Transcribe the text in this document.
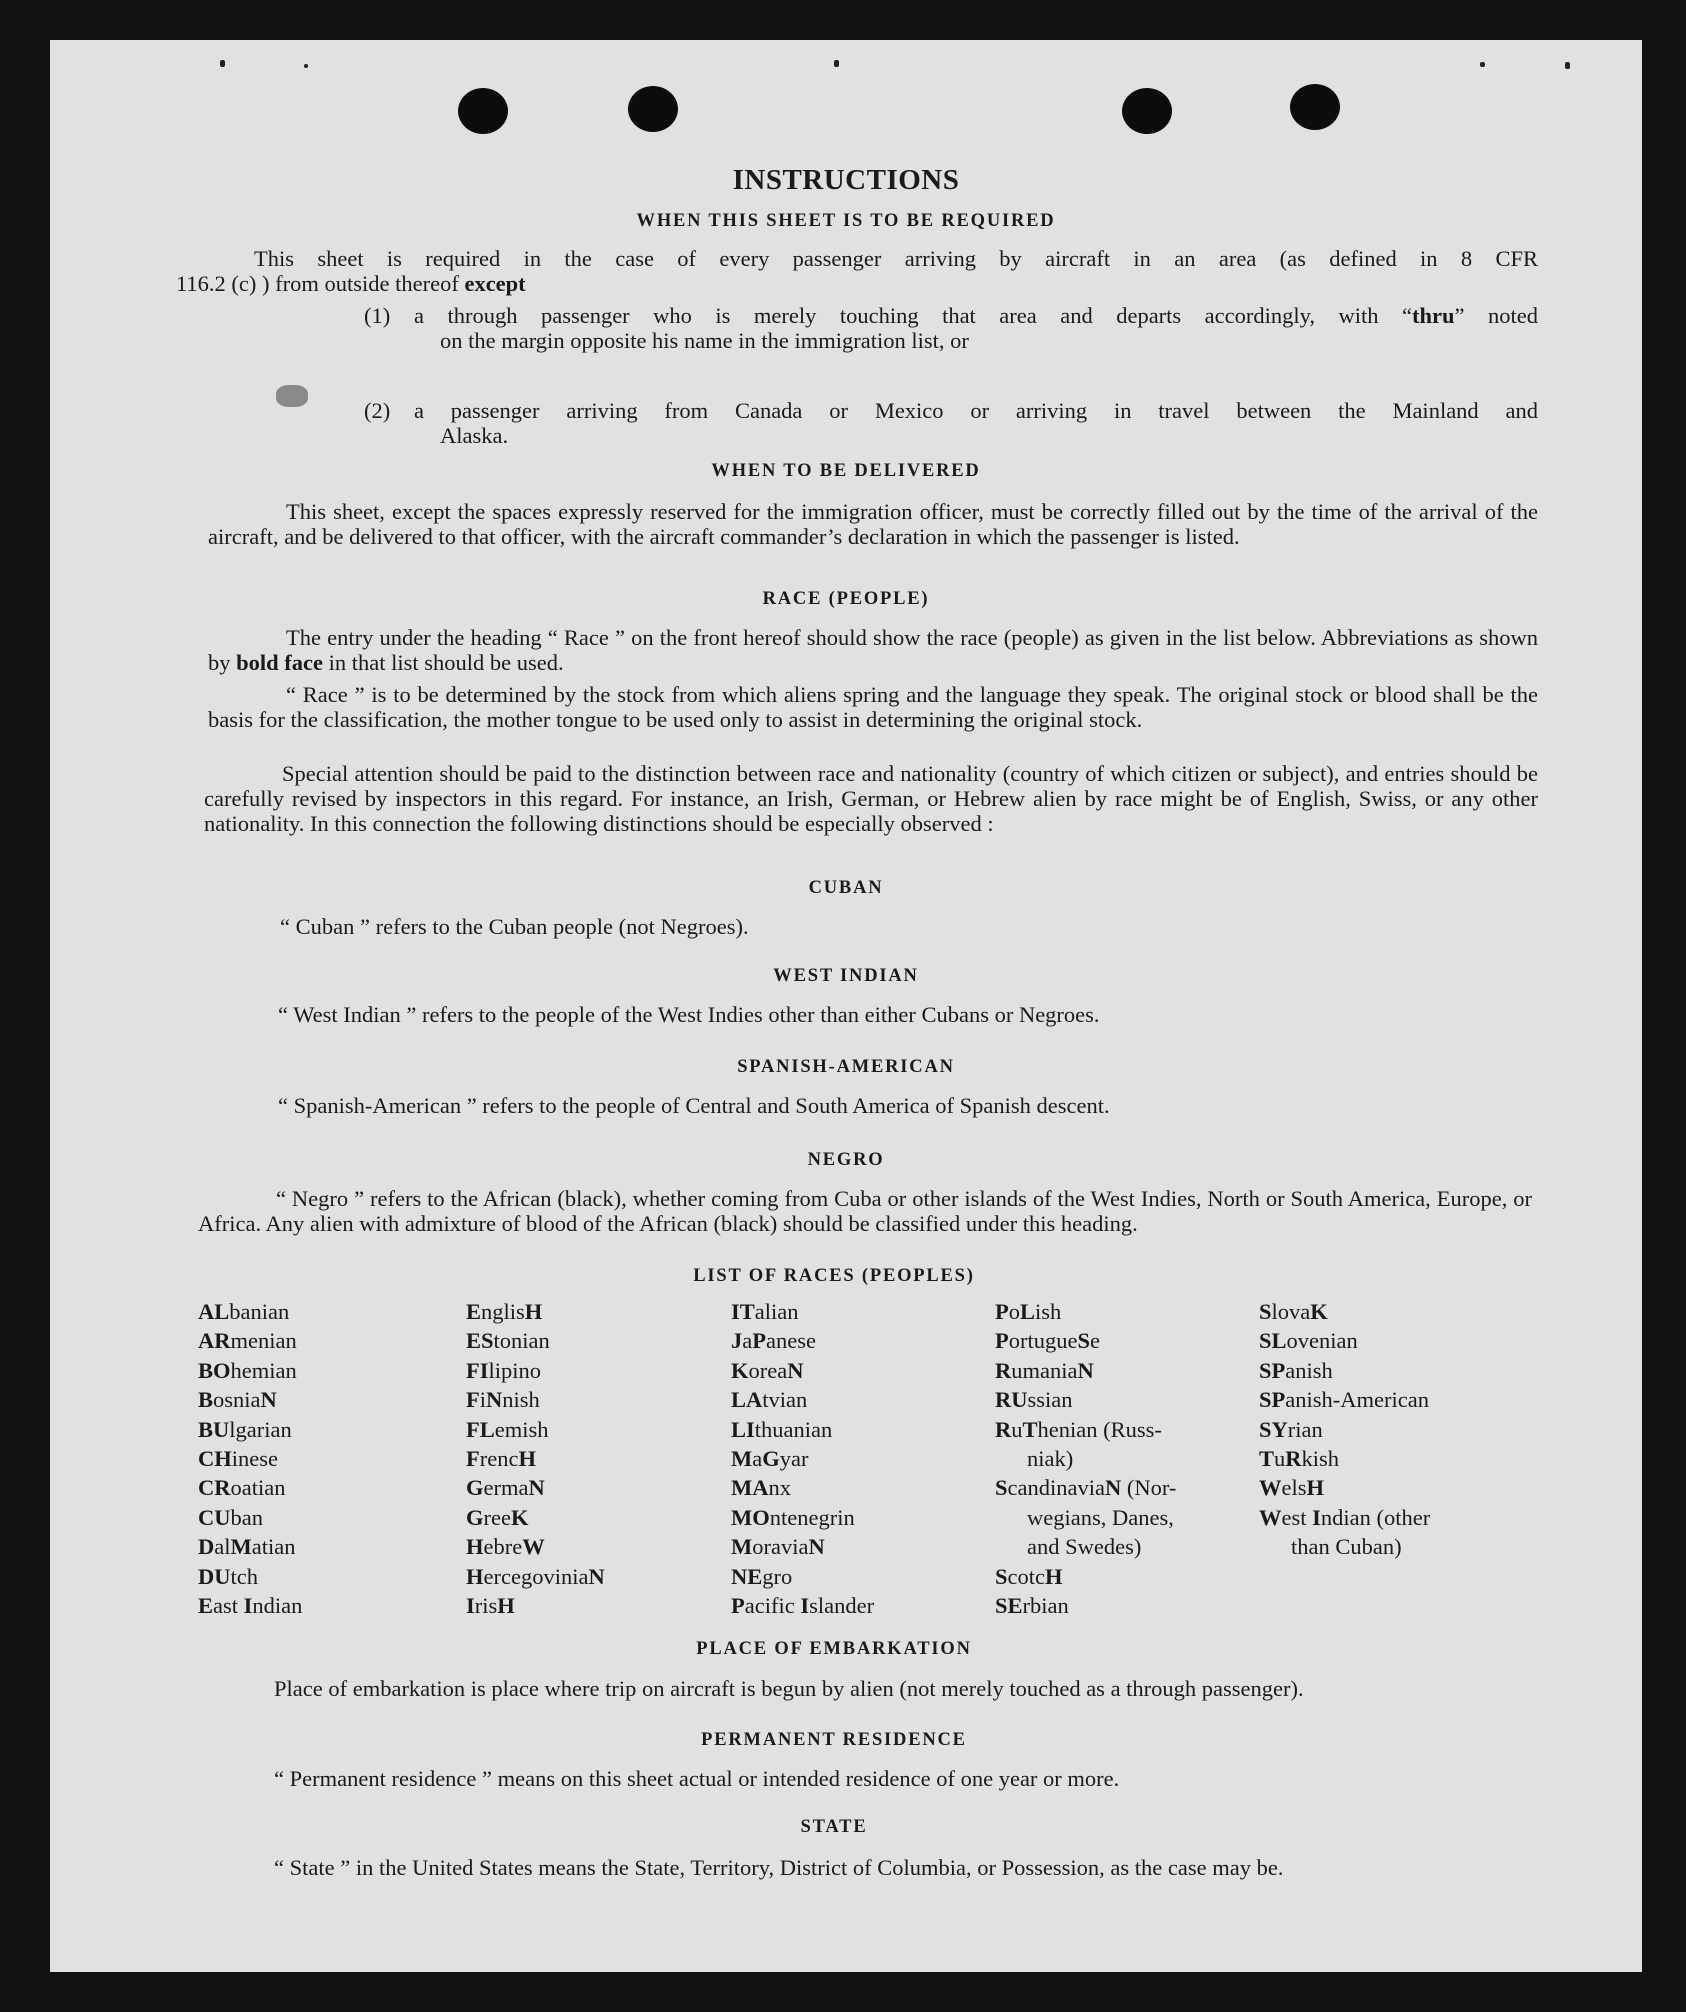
INSTRUCTIONS
WHEN THIS SHEET IS TO BE REQUIRED
This sheet is required in the case of every passenger arriving by aircraft in an area (as defined in 8 CFR
116.2 (c) ) from outside thereof except
(1) a through passenger who is merely touching that area and departs accordingly, with “thru” noted
on the margin opposite his name in the immigration list, or
(2) a passenger arriving from Canada or Mexico or arriving in travel between the Mainland and
Alaska.
WHEN TO BE DELIVERED
This sheet, except the spaces expressly reserved for the immigration officer, must be correctly filled out by the time of the arrival of the aircraft, and be delivered to that officer, with the aircraft commander’s declaration in which the passenger is listed.
RACE (PEOPLE)
The entry under the heading “ Race ” on the front hereof should show the race (people) as given in the list below. Abbreviations as shown by bold face in that list should be used.
“ Race ” is to be determined by the stock from which aliens spring and the language they speak. The original stock or blood shall be the basis for the classification, the mother tongue to be used only to assist in determining the original stock.
Special attention should be paid to the distinction between race and nationality (country of which citizen or subject), and entries should be carefully revised by inspectors in this regard. For instance, an Irish, German, or Hebrew alien by race might be of English, Swiss, or any other nationality. In this connection the following distinctions should be especially observed :
CUBAN
“ Cuban ” refers to the Cuban people (not Negroes).
WEST INDIAN
“ West Indian ” refers to the people of the West Indies other than either Cubans or Negroes.
SPANISH-AMERICAN
“ Spanish-American ” refers to the people of Central and South America of Spanish descent.
NEGRO
“ Negro ” refers to the African (black), whether coming from Cuba or other islands of the West Indies, North or South America, Europe, or Africa. Any alien with admixture of blood of the African (black) should be classified under this heading.
LIST OF RACES (PEOPLES)
ALbanian
ARmenian
BOhemian
BosniaN
BUlgarian
CHinese
CRoatian
CUban
DalMatian
DUtch
East Indian
EnglisH
EStonian
FIlipino
FiNnish
FLemish
FrencH
GermaN
GreeK
HebreW
HercegoviniaN
IrisH
ITalian
JaPanese
KoreaN
LAtvian
LIthuanian
MaGyar
MAnx
MOntenegrin
MoraviaN
NEgro
Pacific Islander
PoLish
PortugueSe
RumaniaN
RUssian
RuThenian (Russ-
niak)
ScandinaviaN (Nor-
wegians, Danes,
and Swedes)
ScotcH
SErbian
SlovaK
SLovenian
SPanish
SPanish-American
SYrian
TuRkish
WelsH
West Indian (other
than Cuban)
PLACE OF EMBARKATION
Place of embarkation is place where trip on aircraft is begun by alien (not merely touched as a through passenger).
PERMANENT RESIDENCE
“ Permanent residence ” means on this sheet actual or intended residence of one year or more.
STATE
“ State ” in the United States means the State, Territory, District of Columbia, or Possession, as the case may be.
